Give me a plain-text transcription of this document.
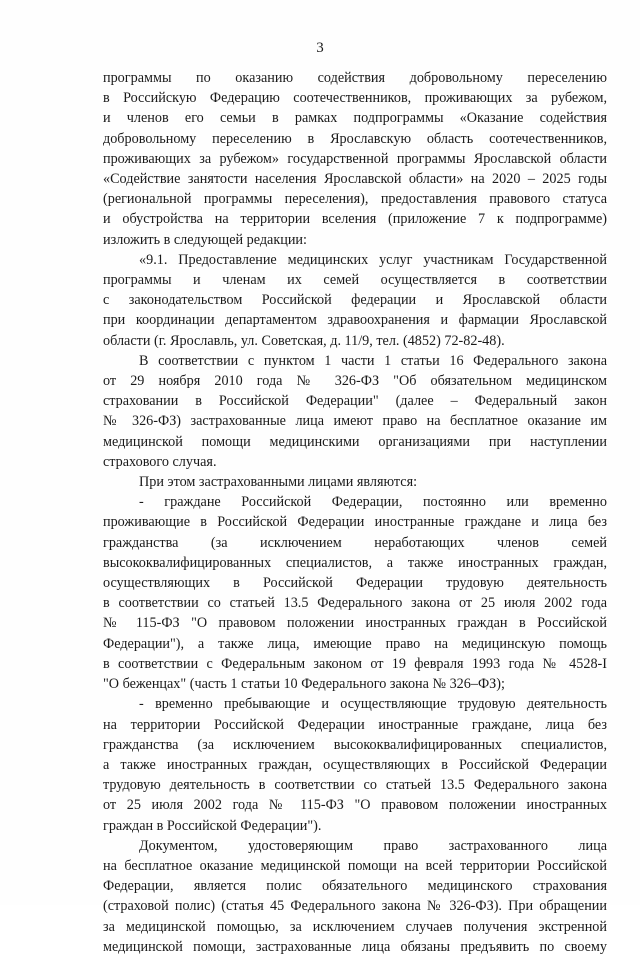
3

программы по оказанию содействия добровольному переселению

в Российскую Федерацию соотечественников, проживающих за рубежом,

и членов его семьи в рамках подпрограммы «Оказание содействия

добровольному переселению в Ярославскую область соотечественников,

проживающих за рубежом» государственной программы Ярославской области

«Содействие занятости населения Ярославской области» на 2020 – 2025 годы

(региональной программы переселения), предоставления правового статуса

и обустройства на территории вселения (приложение 7 к подпрограмме)

изложить в следующей редакции:

«9.1. Предоставление медицинских услуг участникам Государственной

программы и членам их семей осуществляется в соответствии

с законодательством Российской федерации и Ярославской области

при координации департаментом здравоохранения и фармации Ярославской

области (г. Ярославль, ул. Советская, д. 11/9, тел. (4852) 72-82-48).

В соответствии с пунктом 1 части 1 статьи 16 Федерального закона

от 29 ноября 2010 года № 326-ФЗ "Об обязательном медицинском

страховании в Российской Федерации" (далее – Федеральный закон

№ 326-ФЗ) застрахованные лица имеют право на бесплатное оказание им

медицинской помощи медицинскими организациями при наступлении

страхового случая.

При этом застрахованными лицами являются:

- граждане Российской Федерации, постоянно или временно

проживающие в Российской Федерации иностранные граждане и лица без

гражданства (за исключением неработающих членов семей

высококвалифицированных специалистов, а также иностранных граждан,

осуществляющих в Российской Федерации трудовую деятельность

в соответствии со статьей 13.5 Федерального закона от 25 июля 2002 года

№ 115-ФЗ "О правовом положении иностранных граждан в Российской

Федерации"), а также лица, имеющие право на медицинскую помощь

в соответствии с Федеральным законом от 19 февраля 1993 года № 4528-I

"О беженцах" (часть 1 статьи 10 Федерального закона № 326–ФЗ);

- временно пребывающие и осуществляющие трудовую деятельность

на территории Российской Федерации иностранные граждане, лица без

гражданства (за исключением высококвалифицированных специалистов,

а также иностранных граждан, осуществляющих в Российской Федерации

трудовую деятельность в соответствии со статьей 13.5 Федерального закона

от 25 июля 2002 года № 115-ФЗ "О правовом положении иностранных

граждан в Российской Федерации").

Документом, удостоверяющим право застрахованного лица

на бесплатное оказание медицинской помощи на всей территории Российской

Федерации, является полис обязательного медицинского страхования

(страховой полис) (статья 45 Федерального закона № 326-ФЗ). При обращении

за медицинской помощью, за исключением случаев получения экстренной

медицинской помощи, застрахованные лица обязаны предъявить по своему
